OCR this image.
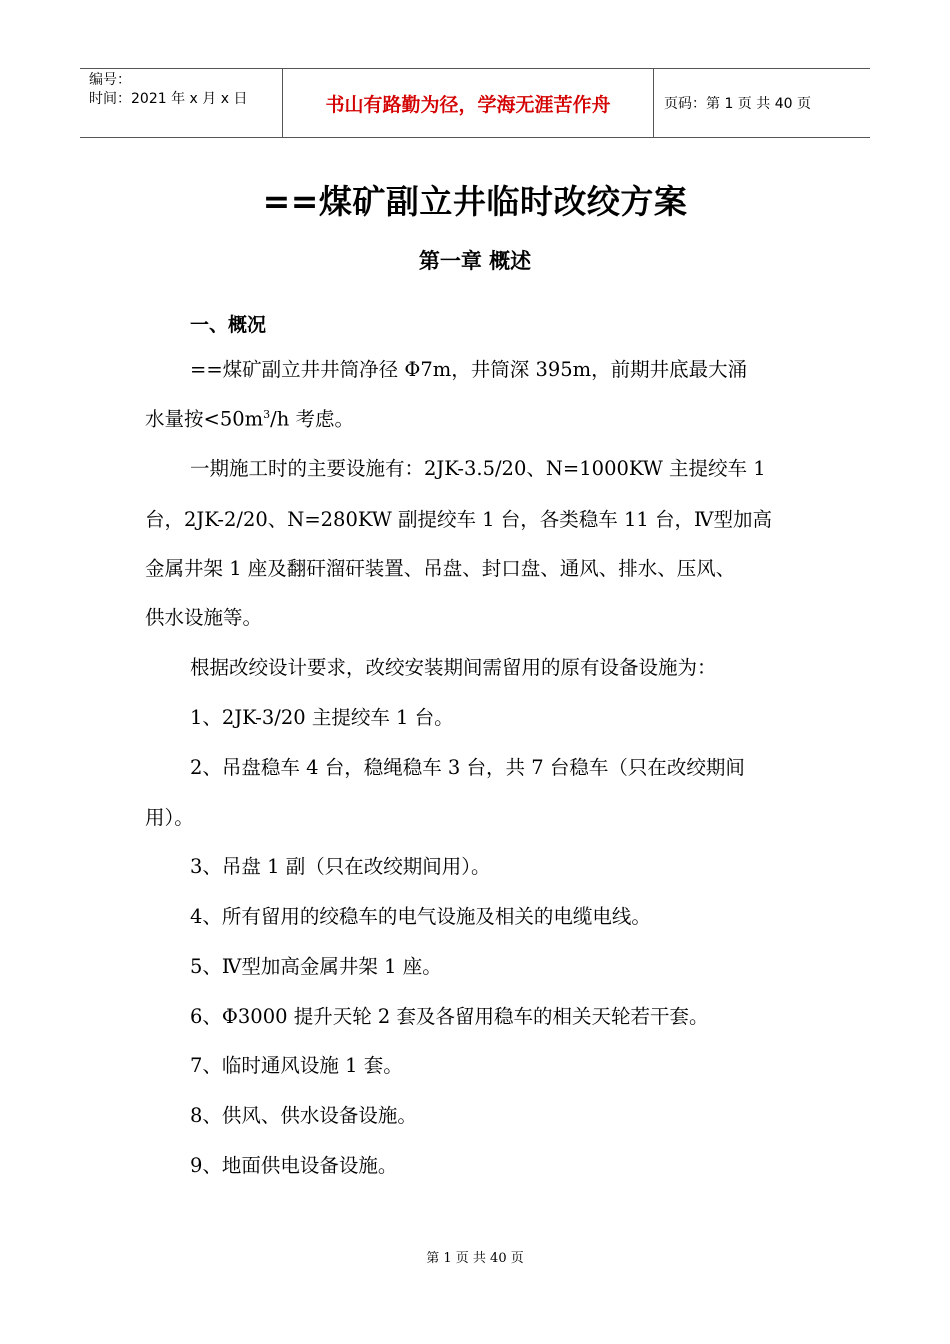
编号：
时间：2021 年 x 月 x 日	书山有路勤为径，学海无涯苦作舟	页码：第 1 页 共 40 页
==煤矿副立井临时改绞方案
第一章 概述
一、概况
==煤矿副立井井筒净径 Φ7m，井筒深 395m，前期井底最大涌
水量按$<50m^3/h$ 考虑。
一期施工时的主要设施有：2JK-3.5/20、N=1000KW 主提绞车 1
台，2JK-2/20、N=280KW 副提绞车 1 台，各类稳车 11 台，Ⅳ型加高
金属井架 1 座及翻矸溜矸装置、吊盘、封口盘、通风、排水、压风、
供水设施等。
根据改绞设计要求，改绞安装期间需留用的原有设备设施为：
1、2JK-3/20 主提绞车 1 台。
2、吊盘稳车 4 台，稳绳稳车 3 台，共 7 台稳车（只在改绞期间
用）。
3、吊盘 1 副（只在改绞期间用）。
4、所有留用的绞稳车的电气设施及相关的电缆电线。
5、Ⅳ型加高金属井架 1 座。
6、Φ3000 提升天轮 2 套及各留用稳车的相关天轮若干套。
7、临时通风设施 1 套。
8、供风、供水设备设施。
9、地面供电设备设施。
第 1 页 共 40 页
